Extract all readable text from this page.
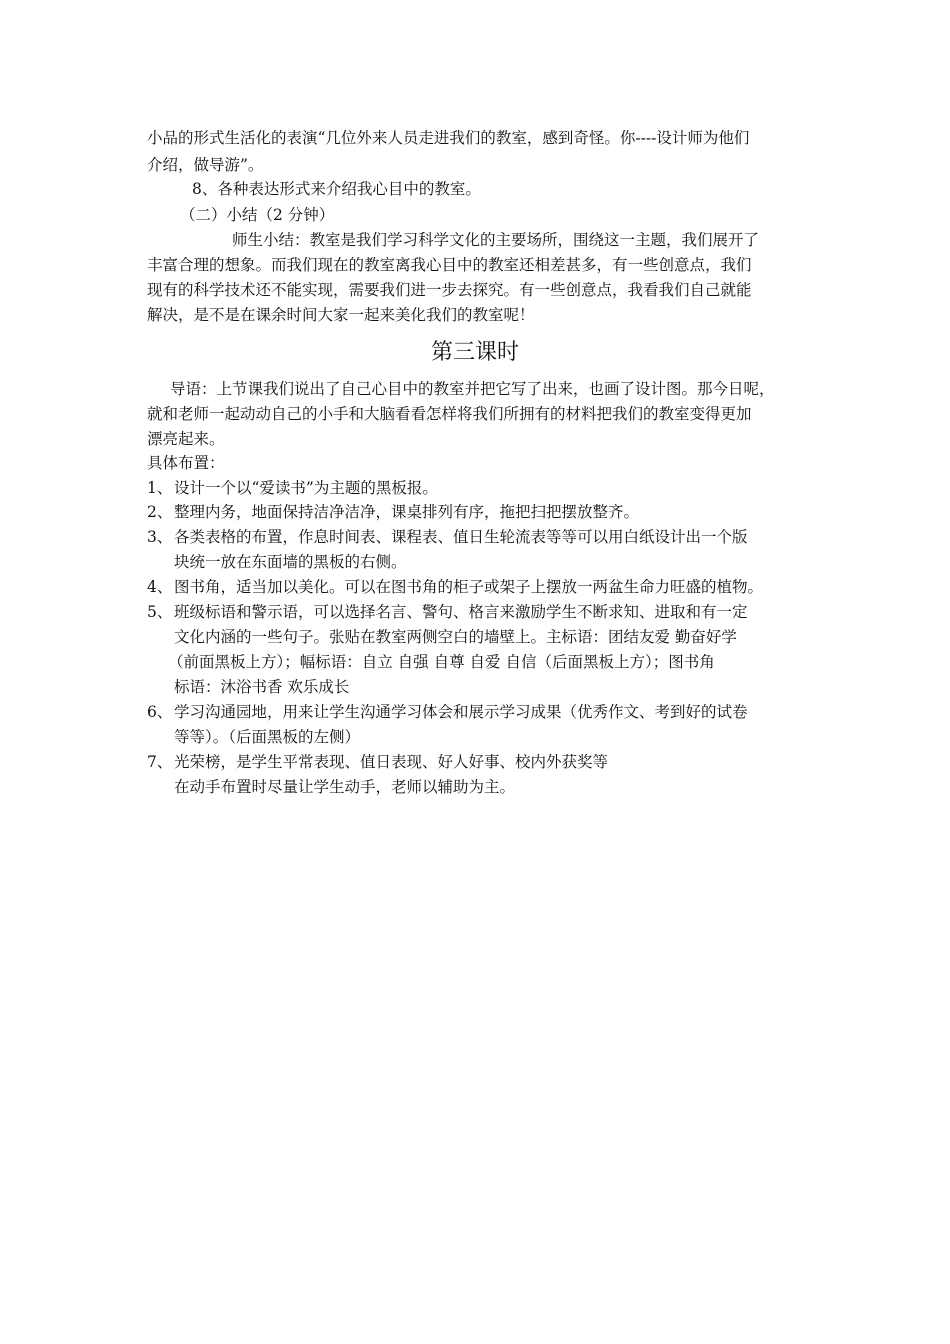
小品的形式生活化的表演“几位外来人员走进我们的教室，感到奇怪。你----设计师为他们
介绍，做导游”。
8、各种表达形式来介绍我心目中的教室。
（二）小结（2 分钟）
师生小结：教室是我们学习科学文化的主要场所，围绕这一主题，我们展开了
丰富合理的想象。而我们现在的教室离我心目中的教室还相差甚多，有一些创意点，我们
现有的科学技术还不能实现，需要我们进一步去探究。有一些创意点，我看我们自己就能
解决，是不是在课余时间大家一起来美化我们的教室呢！
第三课时
导语：上节课我们说出了自己心目中的教室并把它写了出来，也画了设计图。那今日呢，
就和老师一起动动自己的小手和大脑看看怎样将我们所拥有的材料把我们的教室变得更加
漂亮起来。
具体布置：
1、 设计一个以“爱读书”为主题的黑板报。
2、 整理内务，地面保持洁净洁净，课桌排列有序，拖把扫把摆放整齐。
3、 各类表格的布置，作息时间表、课程表、值日生轮流表等等可以用白纸设计出一个版
块统一放在东面墙的黑板的右侧。
4、 图书角，适当加以美化。可以在图书角的柜子或架子上摆放一两盆生命力旺盛的植物。
5、 班级标语和警示语，可以选择名言、警句、格言来激励学生不断求知、进取和有一定
文化内涵的一些句子。张贴在教室两侧空白的墙壁上。主标语：团结友爱 勤奋好学
（前面黑板上方）；幅标语：自立 自强 自尊 自爱 自信（后面黑板上方）；图书角
标语：沐浴书香 欢乐成长
6、 学习沟通园地，用来让学生沟通学习体会和展示学习成果（优秀作文、考到好的试卷
等等）。（后面黑板的左侧）
7、 光荣榜，是学生平常表现、值日表现、好人好事、校内外获奖等
在动手布置时尽量让学生动手，老师以辅助为主。
